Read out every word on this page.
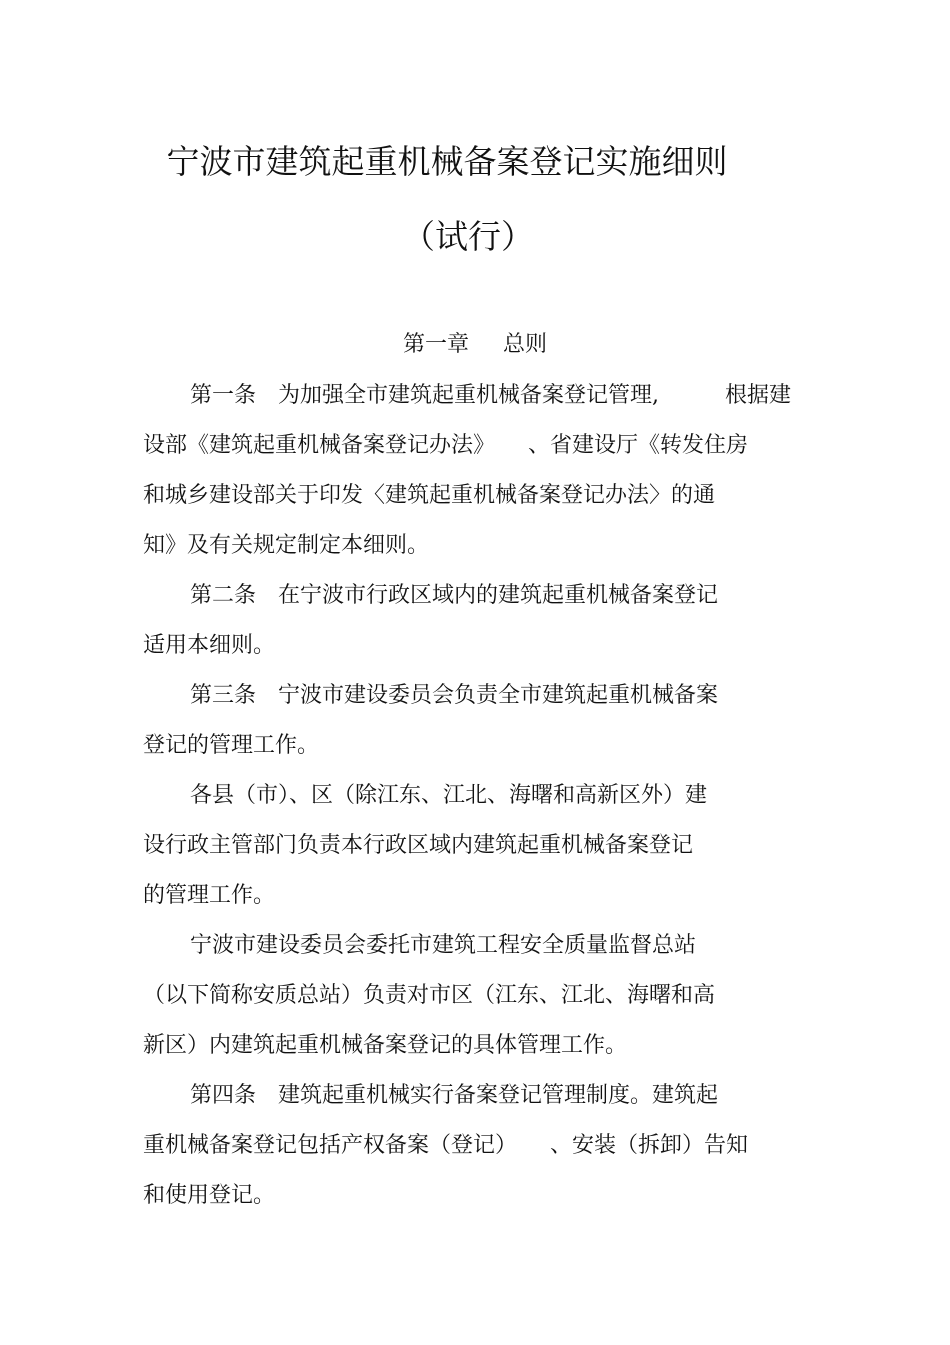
宁波市建筑起重机械备案登记实施细则
（试行）
第一章 总则
第一条　为加强全市建筑起重机械备案登记管理,　　　根据建
设部《建筑起重机械备案登记办法》　　、省建设厅《转发住房
和城乡建设部关于印发〈建筑起重机械备案登记办法〉的通
知》及有关规定制定本细则。
第二条　在宁波市行政区域内的建筑起重机械备案登记
适用本细则。
第三条　宁波市建设委员会负责全市建筑起重机械备案
登记的管理工作。
各县（市）、区（除江东、江北、海曙和高新区外）建
设行政主管部门负责本行政区域内建筑起重机械备案登记
的管理工作。
宁波市建设委员会委托市建筑工程安全质量监督总站
（以下简称安质总站）负责对市区（江东、江北、海曙和高
新区）内建筑起重机械备案登记的具体管理工作。
第四条　建筑起重机械实行备案登记管理制度。建筑起
重机械备案登记包括产权备案（登记）　　、安装（拆卸）告知
和使用登记。
